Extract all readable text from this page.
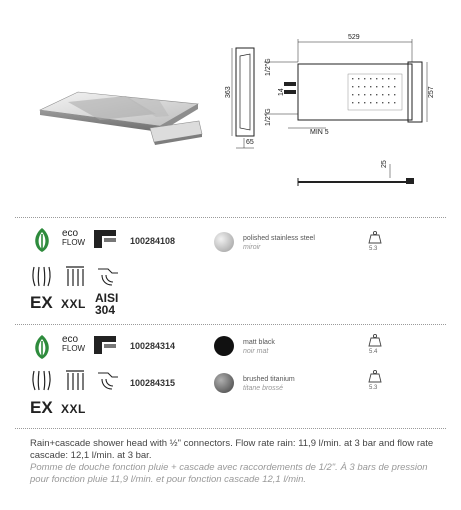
363
65
1/2"G
1/2"G
14
529
257
MIN 5
25
eco
FLOW
EX XXL AISI
304
100284108	polished stainless steel
miroir	5.3
eco
FLOW
EX XXL
100284314	matt black
noir mat	5.4
100284315	brushed titanium
titane brossé	5.3
Rain+cascade shower head with ½" connectors. Flow rate rain: 11,9 l/min. at 3 bar and flow rate cascade: 12,1 l/min. at 3 bar.
Pomme de douche fonction pluie + cascade avec raccordements de 1/2". À 3 bars de pression pour fonction pluie 11,9 l/min. et pour fonction cascade 12,1 l/min.
